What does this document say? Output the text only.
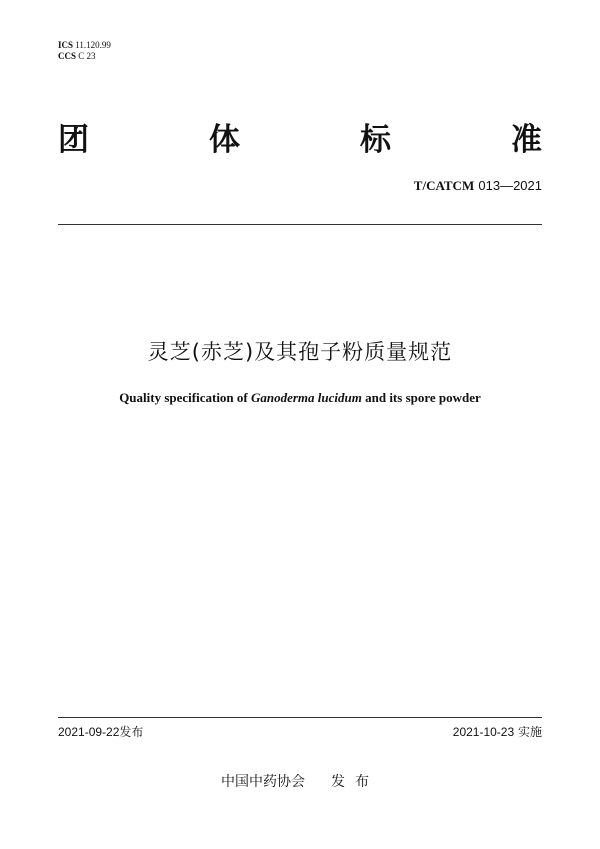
ICS 11.120.99
CCS C 23
团	体	标	准
T/CATCM 013—2021
灵芝(赤芝)及其孢子粉质量规范
Quality specification of Ganoderma lucidum and its spore powder
2021-09-22发布	2021-10-23 实施
中国中药协会 发布
